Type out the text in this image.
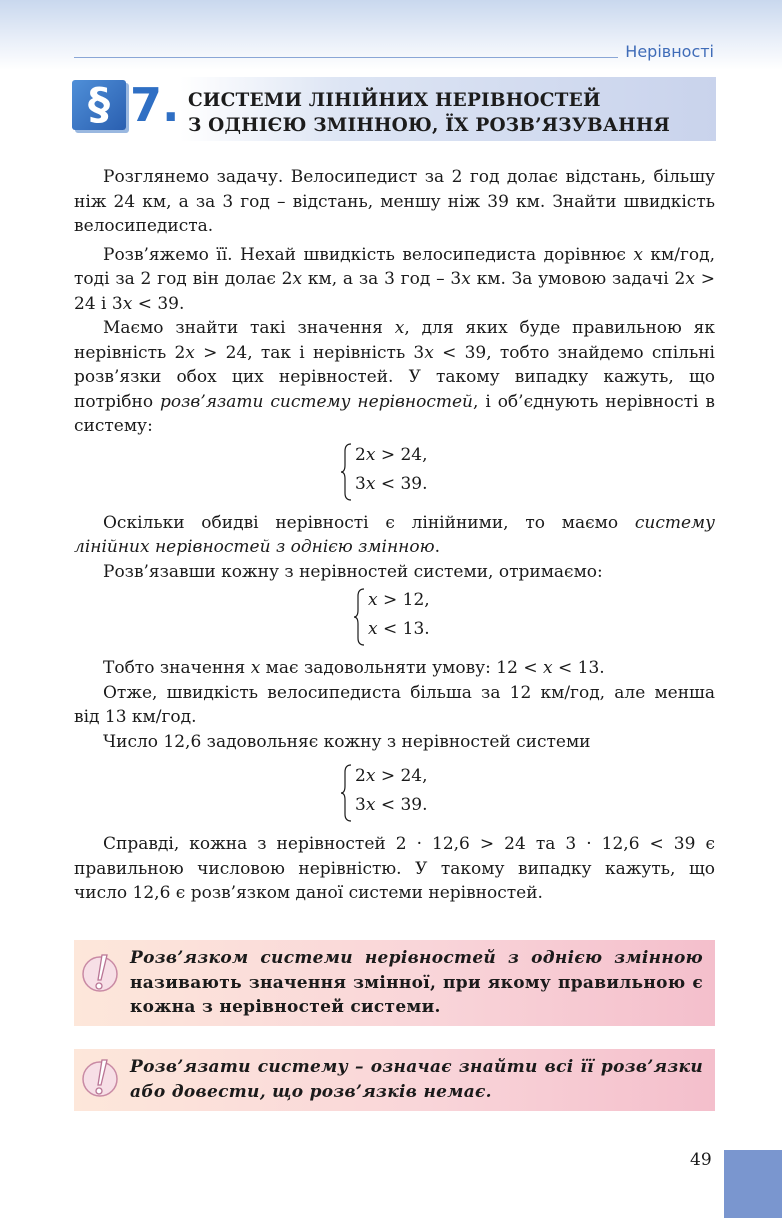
Нерівності
§ 7. СИСТЕМИ ЛІНІЙНИХ НЕРІВНОСТЕЙ
З ОДНІЄЮ ЗМІННОЮ, ЇХ РОЗВ’ЯЗУВАННЯ

Розглянемо задачу. Велосипедист за 2 год долає відстань, більшу ніж 24 км, а за 3 год – відстань, меншу ніж 39 км. Знайти швидкість велосипедиста.

Розв’яжемо її. Нехай швидкість велосипедиста дорівнює x км/год, тоді за 2 год він долає 2x км, а за 3 год – 3x км. За умовою задачі 2x > 24 і 3x < 39.

Маємо знайти такі значення x, для яких буде правильною як нерівність 2x > 24, так і нерівність 3x < 39, тобто знайдемо спільні розв’язки обох цих нерівностей. У такому випадку кажуть, що потрібно розв’язати систему нерівностей, і об’єднують нерівності в систему:

2x > 24,
3x < 39.

Оскільки обидві нерівності є лінійними, то маємо систему лінійних нерівностей з однією змінною.

Розв’язавши кожну з нерівностей системи, отримаємо:

x > 12,
x < 13.

Тобто значення x має задовольняти умову: 12 < x < 13.

Отже, швидкість велосипедиста більша за 12 км/год, але менша від 13 км/год.

Число 12,6 задовольняє кожну з нерівностей системи

2x > 24,
3x < 39.

Справді, кожна з нерівностей 2 · 12,6 > 24 та 3 · 12,6 < 39 є правильною числовою нерівністю. У такому випадку кажуть, що число 12,6 є розв’язком даної системи нерівностей.

Розв’язком системи нерівностей з однією змінною називають значення змінної, при якому правильною є кожна з нерівностей системи.
Розв’язати систему – означає знайти всі її розв’язки або довести, що розв’язків немає.
49
